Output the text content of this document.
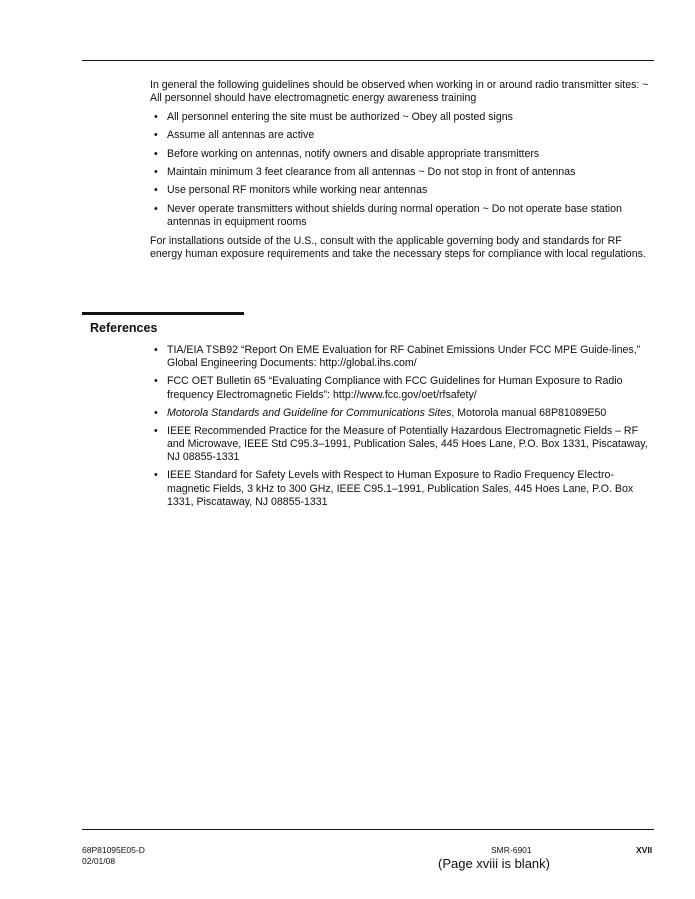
In general the following guidelines should be observed when working in or around radio transmitter sites: ~ All personnel should have electromagnetic energy awareness training

• All personnel entering the site must be authorized ~ Obey all posted signs
• Assume all antennas are active
• Before working on antennas, notify owners and disable appropriate transmitters
• Maintain minimum 3 feet clearance from all antennas ~ Do not stop in front of antennas
• Use personal RF monitors while working near antennas
• Never operate transmitters without shields during normal operation ~ Do not operate base station antennas in equipment rooms

For installations outside of the U.S., consult with the applicable governing body and standards for RF energy human exposure requirements and take the necessary steps for compliance with local regulations.

References
• TIA/EIA TSB92 “Report On EME Evaluation for RF Cabinet Emissions Under FCC MPE Guide-lines,” Global Engineering Documents: http://global.ihs.com/
• FCC OET Bulletin 65 “Evaluating Compliance with FCC Guidelines for Human Exposure to Radio frequency Electromagnetic Fields”: http://www.fcc.gov/oet/rfsafety/
• Motorola Standards and Guideline for Communications Sites, Motorola manual 68P81089E50
• IEEE Recommended Practice for the Measure of Potentially Hazardous Electromagnetic Fields – RF and Microwave, IEEE Std C95.3–1991, Publication Sales, 445 Hoes Lane, P.O. Box 1331, Piscataway, NJ 08855-1331
• IEEE Standard for Safety Levels with Respect to Human Exposure to Radio Frequency Electro-magnetic Fields, 3 kHz to 300 GHz, IEEE C95.1–1991, Publication Sales, 445 Hoes Lane, P.O. Box 1331, Piscataway, NJ 08855-1331
68P81095E05-D
02/01/08
SMR-6901	XVII
(Page xviii is blank)
